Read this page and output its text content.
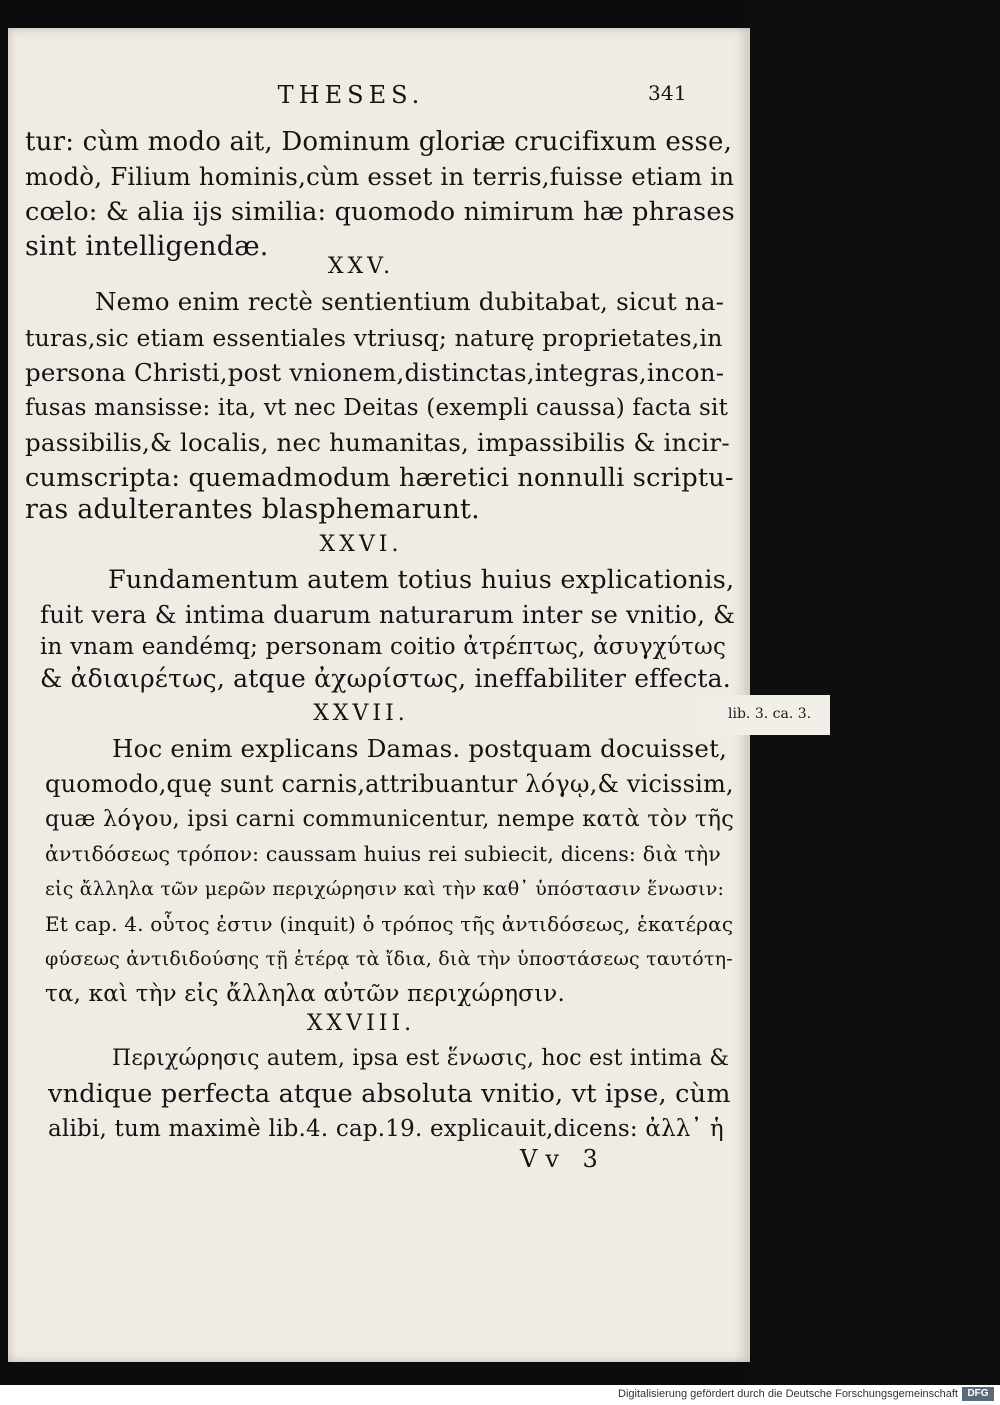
THESES.	341
tur: cùm modo ait, Dominum gloriæ crucifixum esse,
modò, Filium hominis,cùm esset in terris,fuisse etiam in
cœlo: & alia ijs similia: quomodo nimirum hæ phrases
sint intelligendæ.
XXV.
Nemo enim rectè sentientium dubitabat, sicut na-
turas,sic etiam essentiales vtriusq; naturę proprietates,in
persona Christi,post vnionem,distinctas,integras,incon-
fusas mansisse: ita, vt nec Deitas (exempli caussa) facta sit
passibilis,& localis, nec humanitas, impassibilis & incir-
cumscripta: quemadmodum hæretici nonnulli scriptu-
ras adulterantes blasphemarunt.
XXVI.
Fundamentum autem totius huius explicationis,
fuit vera & intima duarum naturarum inter se vnitio, &
in vnam eandémq; personam coitio ἀτρέπτως, ἀσυγχύτως
& ἀδιαιρέτως, atque ἀχωρίστως, ineffabiliter effecta.
XXVII.	lib. 3. ca. 3.
Hoc enim explicans Damas. postquam docuisset,
quomodo,quę sunt carnis,attribuantur λόγῳ,& vicissim,
quæ λόγου, ipsi carni communicentur, nempe κατὰ τὸν τῆς
ἀντιδόσεως τρόπον: caussam huius rei subiecit, dicens: διὰ τὴν
εἰς ἄλληλα τῶν μερῶν περιχώρησιν καὶ τὴν καθ᾽ ὑπόστασιν ἕνωσιν:
Et cap. 4. οὗτος ἐστιν (inquit) ὁ τρόπος τῆς ἀντιδόσεως, ἑκατέρας
φύσεως ἀντιδιδούσης τῇ ἑτέρᾳ τὰ ἴδια, διὰ τὴν ὑποστάσεως ταυτότη-
τα, καὶ τὴν εἰς ἄλληλα αὐτῶν περιχώρησιν.
XXVIII.
Περιχώρησις autem, ipsa est ἕνωσις, hoc est intima &
vndique perfecta atque absoluta vnitio, vt ipse, cùm
alibi, tum maximè lib.4. cap.19. explicauit,dicens: ἀλλ᾽ ἡ
Vv 3
Digitalisierung gefördert durch die Deutsche Forschungsgemeinschaft DFG
